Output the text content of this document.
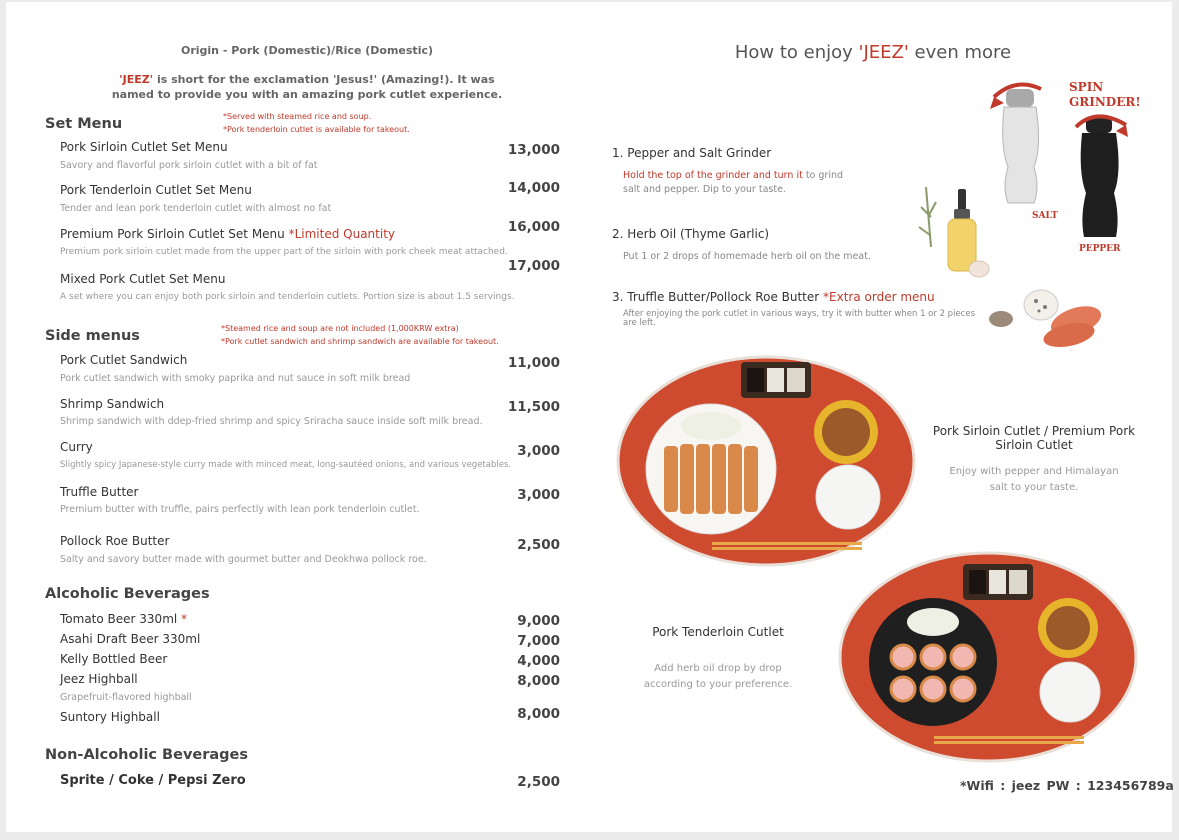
Origin - Pork (Domestic)/Rice (Domestic)
'JEEZ' is short for the exclamation 'Jesus!' (Amazing!). It was
named to provide you with an amazing pork cutlet experience.
Set Menu	*Served with steamed rice and soup.
*Pork tenderloin cutlet is available for takeout.
Pork Sirloin Cutlet Set Menu
Savory and flavorful pork sirloin cutlet with a bit of fat
13,000
Pork Tenderloin Cutlet Set Menu
Tender and lean pork tenderloin cutlet with almost no fat
14,000
Premium Pork Sirloin Cutlet Set Menu *Limited Quantity
Premium pork sirloin cutlet made from the upper part of the sirloin with pork cheek meat attached.
16,000
Mixed Pork Cutlet Set Menu
A set where you can enjoy both pork sirloin and tenderloin cutlets. Portion size is about 1.5 servings.
17,000
Side menus	*Steamed rice and soup are not included (1,000KRW extra)
*Pork cutlet sandwich and shrimp sandwich are available for takeout.
Pork Cutlet Sandwich
Pork cutlet sandwich with smoky paprika and nut sauce in soft milk bread
11,000
Shrimp Sandwich
Shrimp sandwich with ddep-fried shrimp and spicy Sriracha sauce inside soft milk bread.
11,500
Curry
Slightly spicy Japanese-style curry made with minced meat, long-sautéed onions, and various vegetables.
3,000
Truffle Butter
Premium butter with truffle, pairs perfectly with lean pork tenderloin cutlet.
3,000
Pollock Roe Butter
Salty and savory butter made with gourmet butter and Deokhwa pollock roe.
2,500
Alcoholic Beverages
Tomato Beer 330ml *	9,000
Asahi Draft Beer 330ml	7,000
Kelly Bottled Beer	4,000
Jeez Highball
Grapefruit-flavored highball
8,000
Suntory Highball	8,000
Non-Alcoholic Beverages
Sprite / Coke / Pepsi Zero	2,500
How to enjoy 'JEEZ' even more
1. Pepper and Salt Grinder
Hold the top of the grinder and turn it to grind
salt and pepper. Dip to your taste.
2. Herb Oil (Thyme Garlic)
Put 1 or 2 drops of homemade herb oil on the meat.
3. Truffle Butter/Pollock Roe Butter *Extra order menu
After enjoying the pork cutlet in various ways, try it with butter when 1 or 2 pieces
are left.
SPIN
GRINDER!
SALT
PEPPER
Pork Sirloin Cutlet / Premium Pork
Sirloin Cutlet
Enjoy with pepper and Himalayan
salt to your taste.
Pork Tenderloin Cutlet
Add herb oil drop by drop
according to your preference.
*Wifi : jeez PW : 123456789a
